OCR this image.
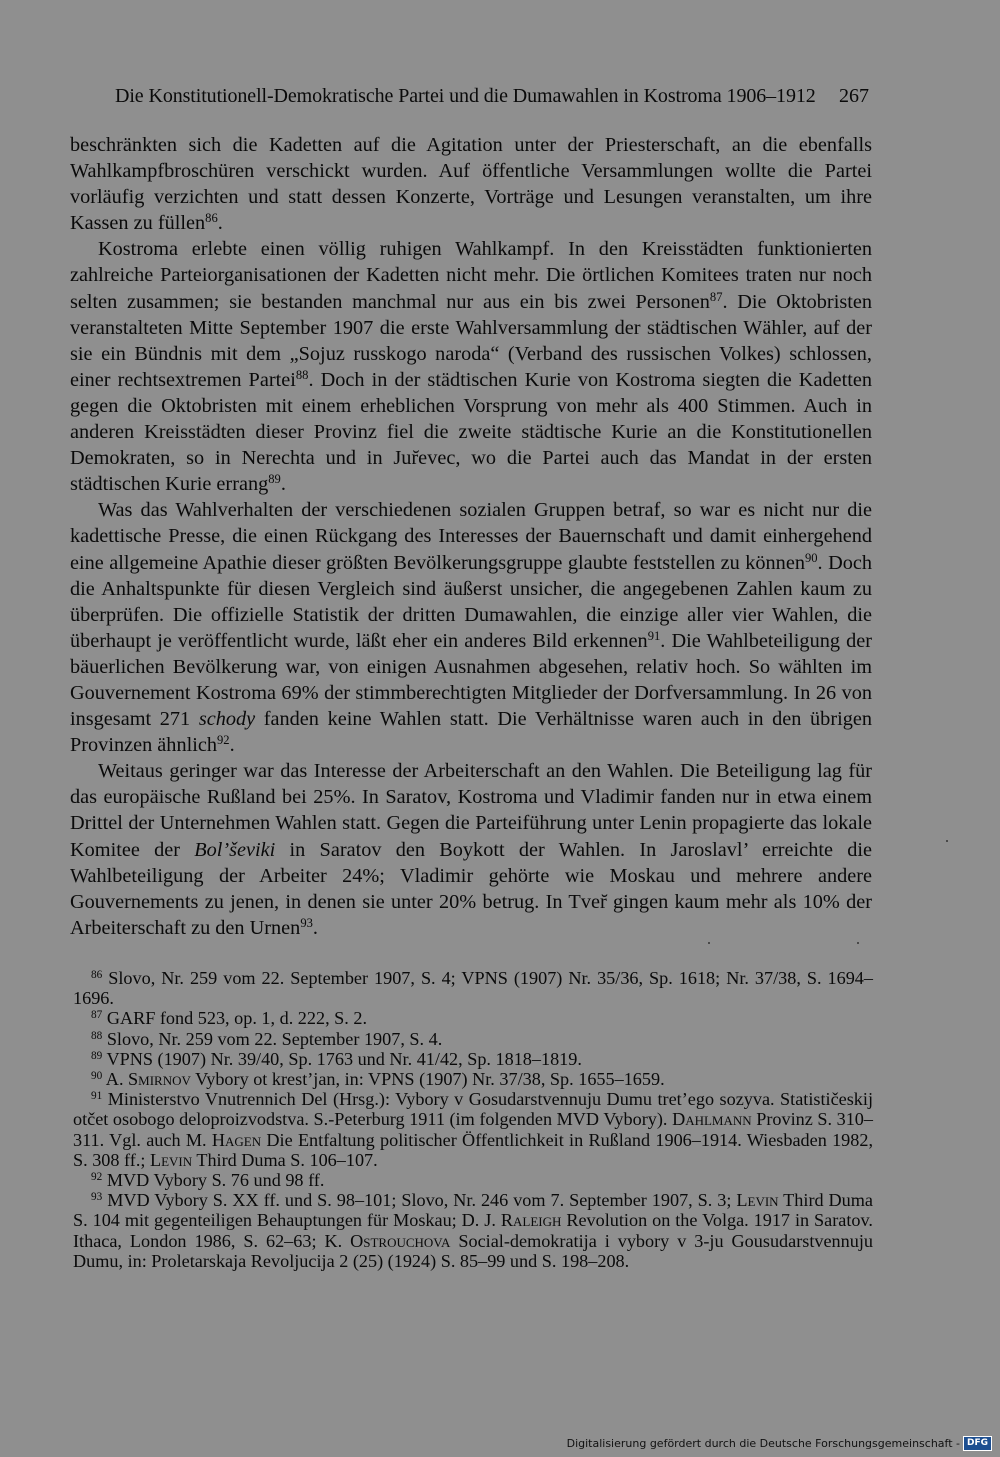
Die Konstitutionell-Demokratische Partei und die Dumawahlen in Kostroma 1906–1912 267

beschränkten sich die Kadetten auf die Agitation unter der Priesterschaft, an die ebenfalls Wahlkampfbroschüren verschickt wurden. Auf öffentliche Versammlungen wollte die Partei vorläufig verzichten und statt dessen Konzerte, Vorträge und Lesungen veranstalten, um ihre Kassen zu füllen$^{86}$.

Kostroma erlebte einen völlig ruhigen Wahlkampf. In den Kreisstädten funktionierten zahlreiche Parteiorganisationen der Kadetten nicht mehr. Die örtlichen Komitees traten nur noch selten zusammen; sie bestanden manchmal nur aus ein bis zwei Personen$^{87}$. Die Oktobristen veranstalteten Mitte September 1907 die erste Wahlversammlung der städtischen Wähler, auf der sie ein Bündnis mit dem „Sojuz russkogo naroda“ (Verband des russischen Volkes) schlossen, einer rechtsextremen Partei$^{88}$. Doch in der städtischen Kurie von Kostroma siegten die Kadetten gegen die Oktobristen mit einem erheblichen Vorsprung von mehr als 400 Stimmen. Auch in anderen Kreisstädten dieser Provinz fiel die zweite städtische Kurie an die Konstitutionellen Demokraten, so in Nerechta und in Jur̆evec, wo die Partei auch das Mandat in der ersten städtischen Kurie errang$^{89}$.

Was das Wahlverhalten der verschiedenen sozialen Gruppen betraf, so war es nicht nur die kadettische Presse, die einen Rückgang des Interesses der Bauernschaft und damit einhergehend eine allgemeine Apathie dieser größten Bevölkerungsgruppe glaubte feststellen zu können$^{90}$. Doch die Anhaltspunkte für diesen Vergleich sind äußerst unsicher, die angegebenen Zahlen kaum zu überprüfen. Die offizielle Statistik der dritten Dumawahlen, die einzige aller vier Wahlen, die überhaupt je veröffentlicht wurde, läßt eher ein anderes Bild erkennen$^{91}$. Die Wahlbeteiligung der bäuerlichen Bevölkerung war, von einigen Ausnahmen abgesehen, relativ hoch. So wählten im Gouvernement Kostroma 69% der stimmberechtigten Mitglieder der Dorfversammlung. In 26 von insgesamt 271 schody fanden keine Wahlen statt. Die Verhältnisse waren auch in den übrigen Provinzen ähnlich$^{92}$.

Weitaus geringer war das Interesse der Arbeiterschaft an den Wahlen. Die Beteiligung lag für das europäische Rußland bei 25%. In Saratov, Kostroma und Vladimir fanden nur in etwa einem Drittel der Unternehmen Wahlen statt. Gegen die Parteiführung unter Lenin propagierte das lokale Komitee der Bol’ševiki in Saratov den Boykott der Wahlen. In Jaroslavl’ erreichte die Wahlbeteiligung der Arbeiter 24%; Vladimir gehörte wie Moskau und mehrere andere Gouvernements zu jenen, in denen sie unter 20% betrug. In Tver̆ gingen kaum mehr als 10% der Arbeiterschaft zu den Urnen$^{93}$.

$^{86}$ Slovo, Nr. 259 vom 22. September 1907, S. 4; VPNS (1907) Nr. 35/36, Sp. 1618; Nr. 37/38, S. 1694–1696.

$^{87}$ GARF fond 523, op. 1, d. 222, S. 2.

$^{88}$ Slovo, Nr. 259 vom 22. September 1907, S. 4.

$^{89}$ VPNS (1907) Nr. 39/40, Sp. 1763 und Nr. 41/42, Sp. 1818–1819.

$^{90}$ A. Smirnov Vybory ot krest’jan, in: VPNS (1907) Nr. 37/38, Sp. 1655–1659.

$^{91}$ Ministerstvo Vnutrennich Del (Hrsg.): Vybory v Gosudarstvennuju Dumu tret’ego sozyva. Statističeskij otčet osobogo deloproizvodstva. S.-Peterburg 1911 (im folgenden MVD Vybory). Dahlmann Provinz S. 310–311. Vgl. auch M. Hagen Die Entfaltung politischer Öffentlichkeit in Rußland 1906–1914. Wiesbaden 1982, S. 308 ff.; Levin Third Duma S. 106–107.

$^{92}$ MVD Vybory S. 76 und 98 ff.

$^{93}$ MVD Vybory S. XX ff. und S. 98–101; Slovo, Nr. 246 vom 7. September 1907, S. 3; Levin Third Duma S. 104 mit gegenteiligen Behauptungen für Moskau; D. J. Raleigh Revolution on the Volga. 1917 in Saratov. Ithaca, London 1986, S. 62–63; K. Ostrouchova Social-demokratija i vybory v 3-ju Gousudarstvennuju Dumu, in: Proletarskaja Revoljucija 2 (25) (1924) S. 85–99 und S. 198–208.

Digitalisierung gefördert durch die Deutsche Forschungsgemeinschaft - DFG
